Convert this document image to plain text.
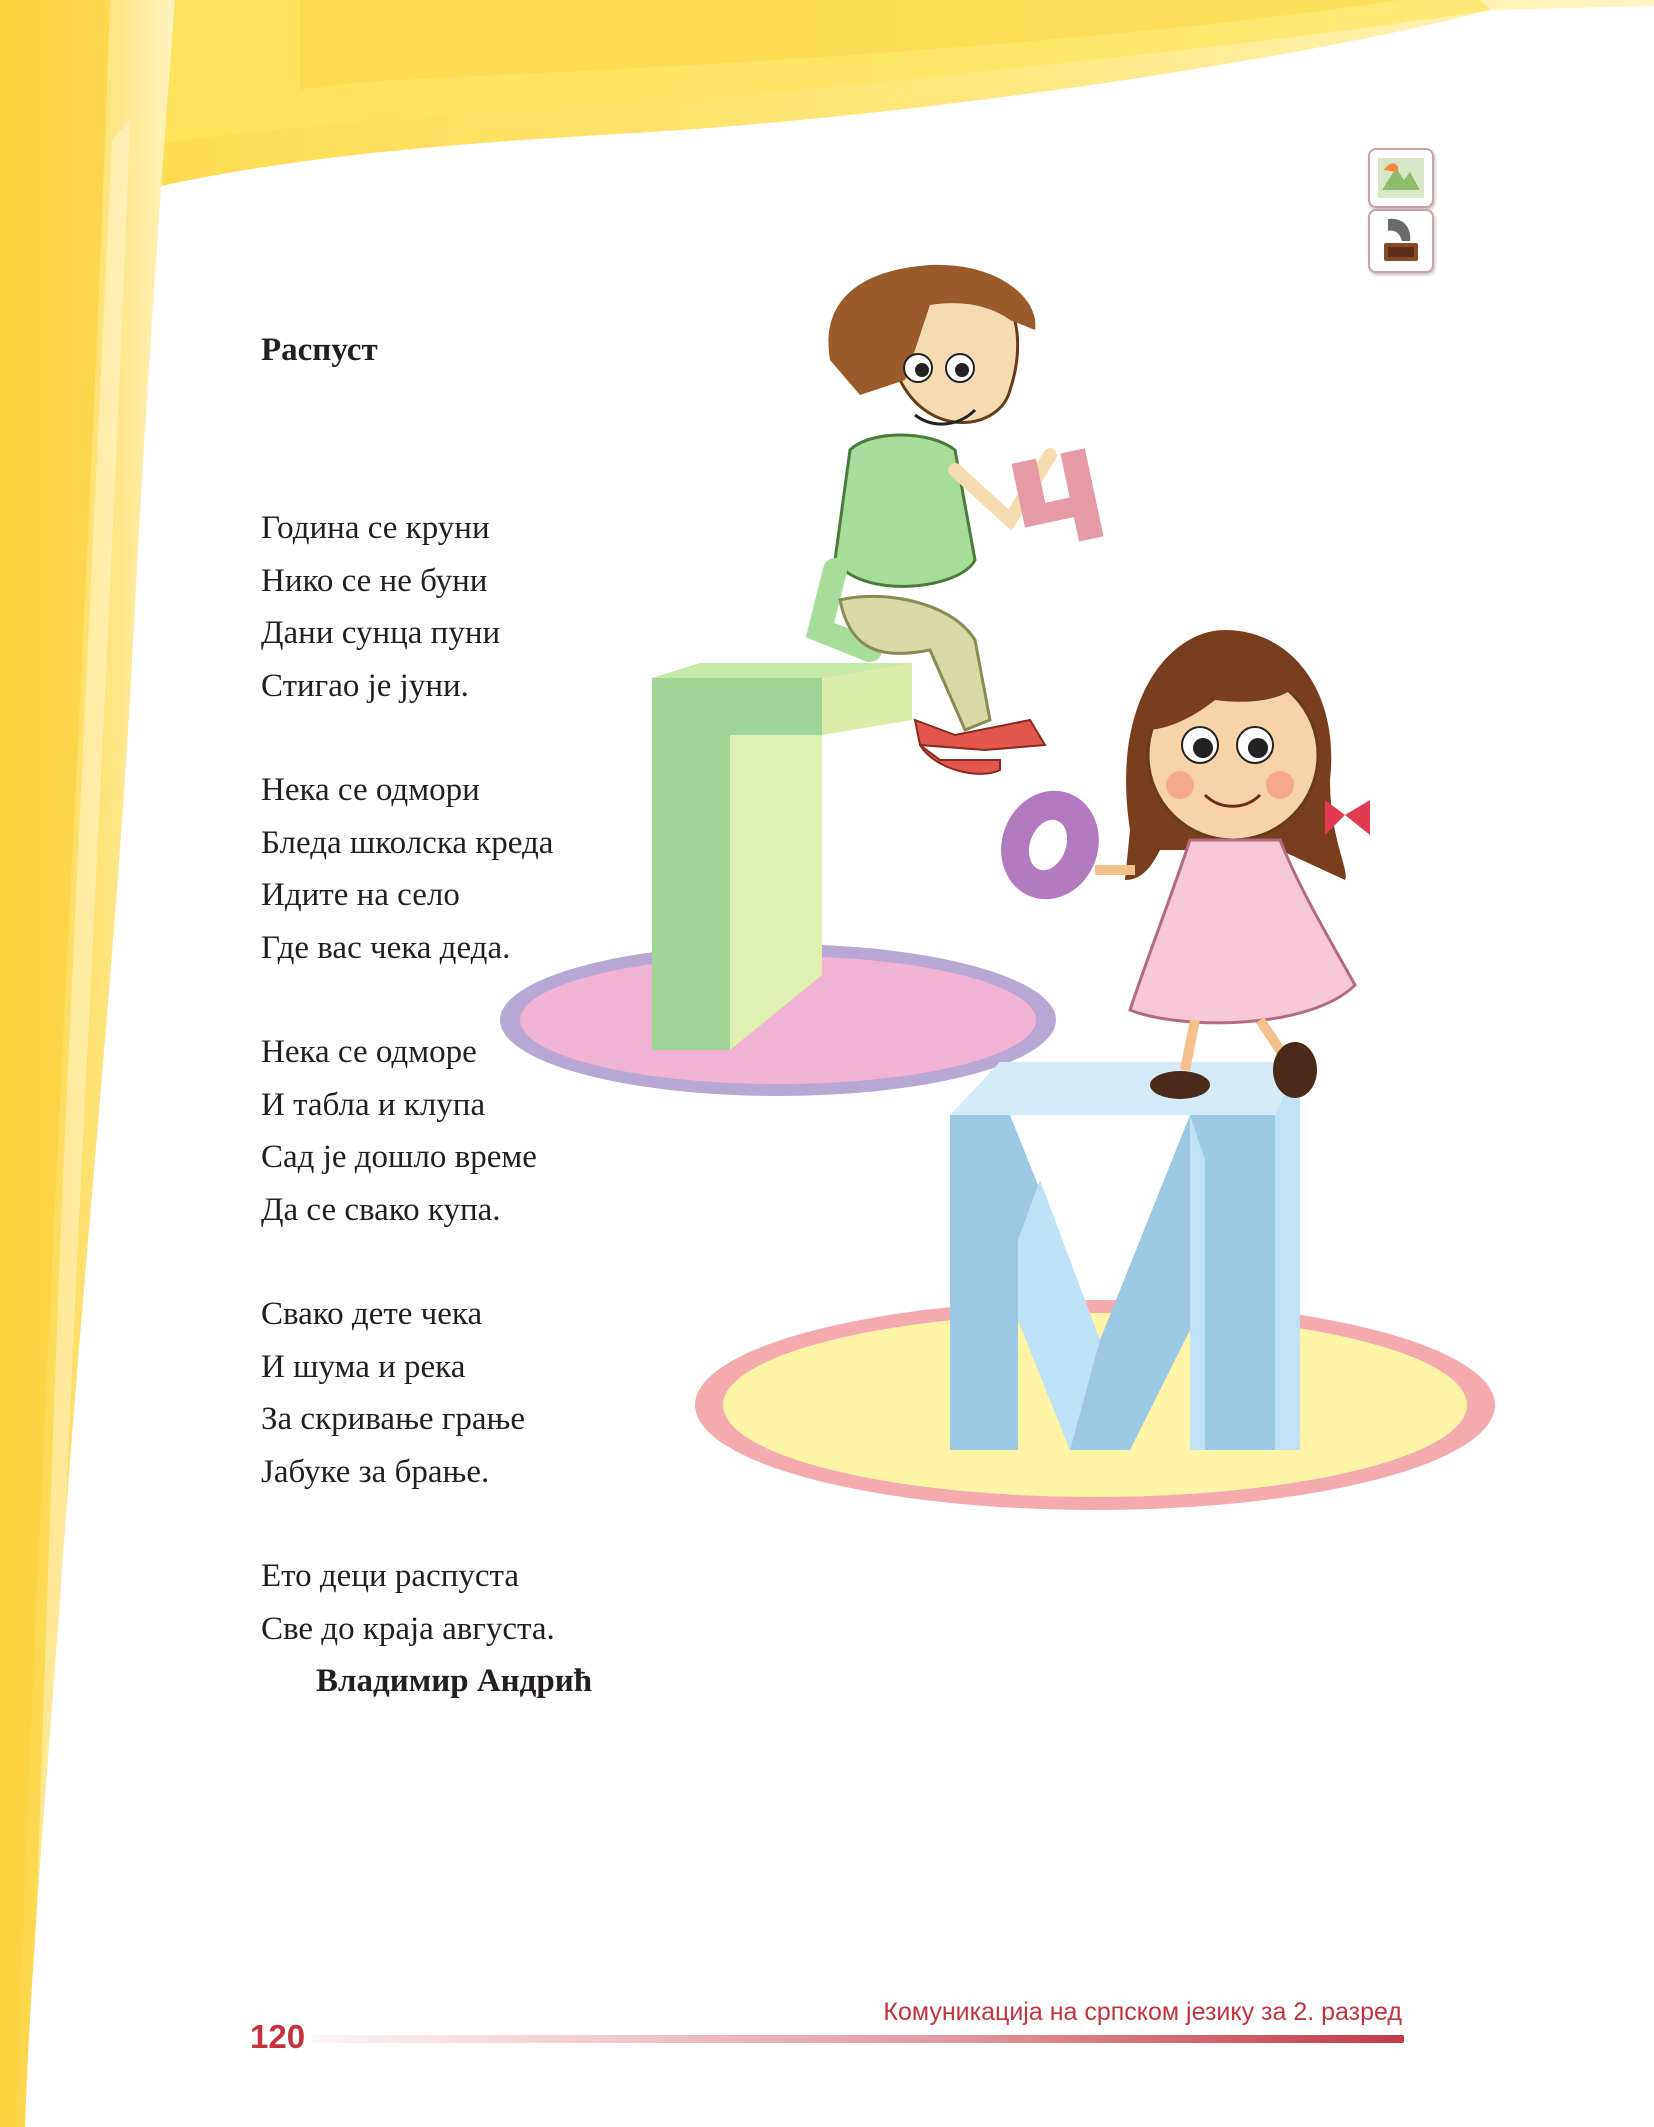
Распуст
Година се круни
Нико се не буни
Дани сунца пуни
Стигао је јуни.
Нека се одмори
Бледа школска креда
Идите на село
Где вас чека деда.
Нека се одморе
И табла и клупа
Сад је дошло време
Да се свако купа.
Свако дете чека
И шума и река
За скривање грање
Јабуке за брање.
Ето деци распуста
Све до краја августа.
Владимир Андрић
Комуникација на српском језику за 2. разред
120
